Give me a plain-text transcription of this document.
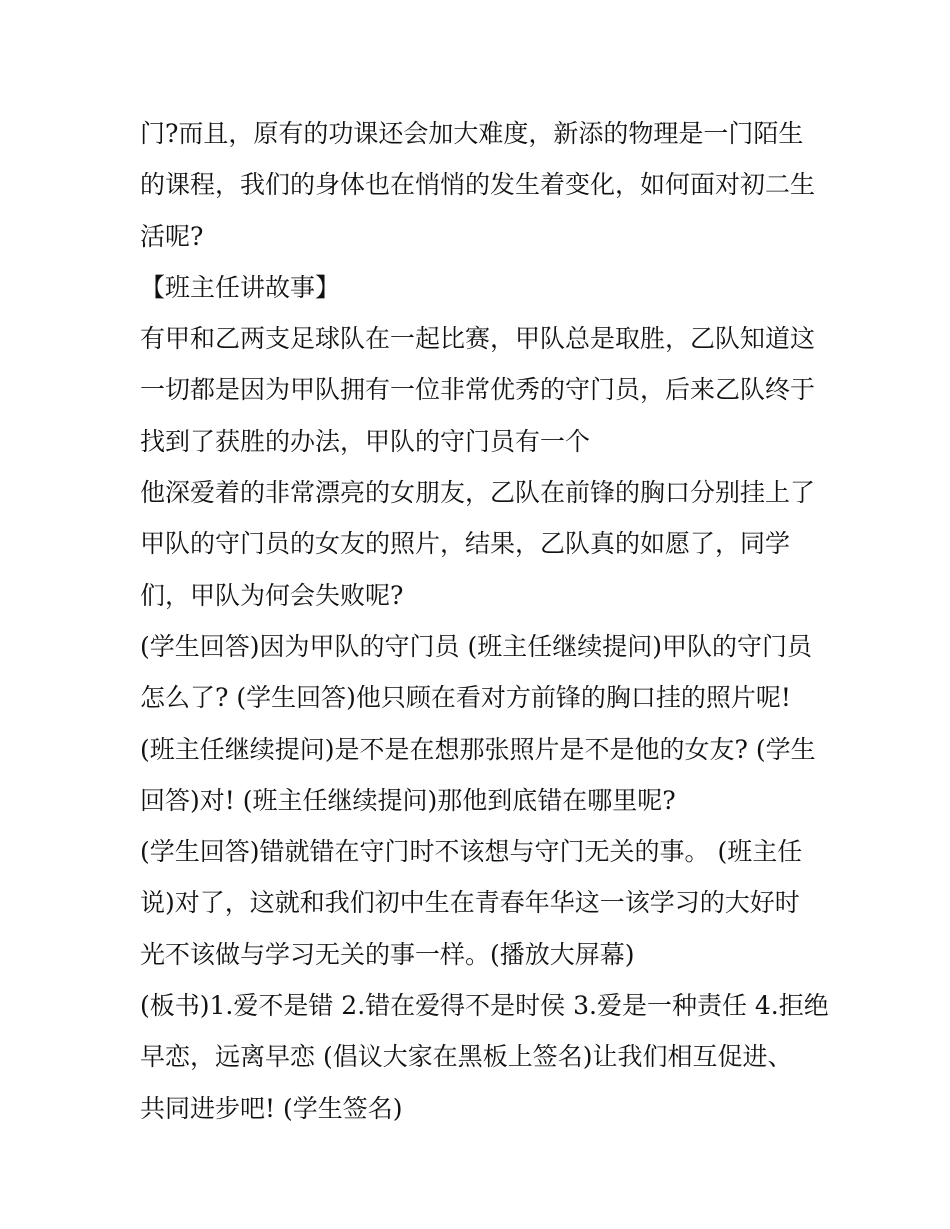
门?而且，原有的功课还会加大难度，新添的物理是一门陌生
的课程，我们的身体也在悄悄的发生着变化，如何面对初二生
活呢?
【班主任讲故事】
有甲和乙两支足球队在一起比赛，甲队总是取胜，乙队知道这
一切都是因为甲队拥有一位非常优秀的守门员，后来乙队终于
找到了获胜的办法，甲队的守门员有一个
他深爱着的非常漂亮的女朋友，乙队在前锋的胸口分别挂上了
甲队的守门员的女友的照片，结果，乙队真的如愿了，同学
们，甲队为何会失败呢?
(学生回答)因为甲队的守门员 (班主任继续提问)甲队的守门员
怎么了? (学生回答)他只顾在看对方前锋的胸口挂的照片呢!
(班主任继续提问)是不是在想那张照片是不是他的女友? (学生
回答)对! (班主任继续提问)那他到底错在哪里呢?
(学生回答)错就错在守门时不该想与守门无关的事。 (班主任
说)对了，这就和我们初中生在青春年华这一该学习的大好时
光不该做与学习无关的事一样。(播放大屏幕)
(板书)1.爱不是错 2.错在爱得不是时侯 3.爱是一种责任 4.拒绝
早恋，远离早恋 (倡议大家在黑板上签名)让我们相互促进、
共同进步吧! (学生签名)
